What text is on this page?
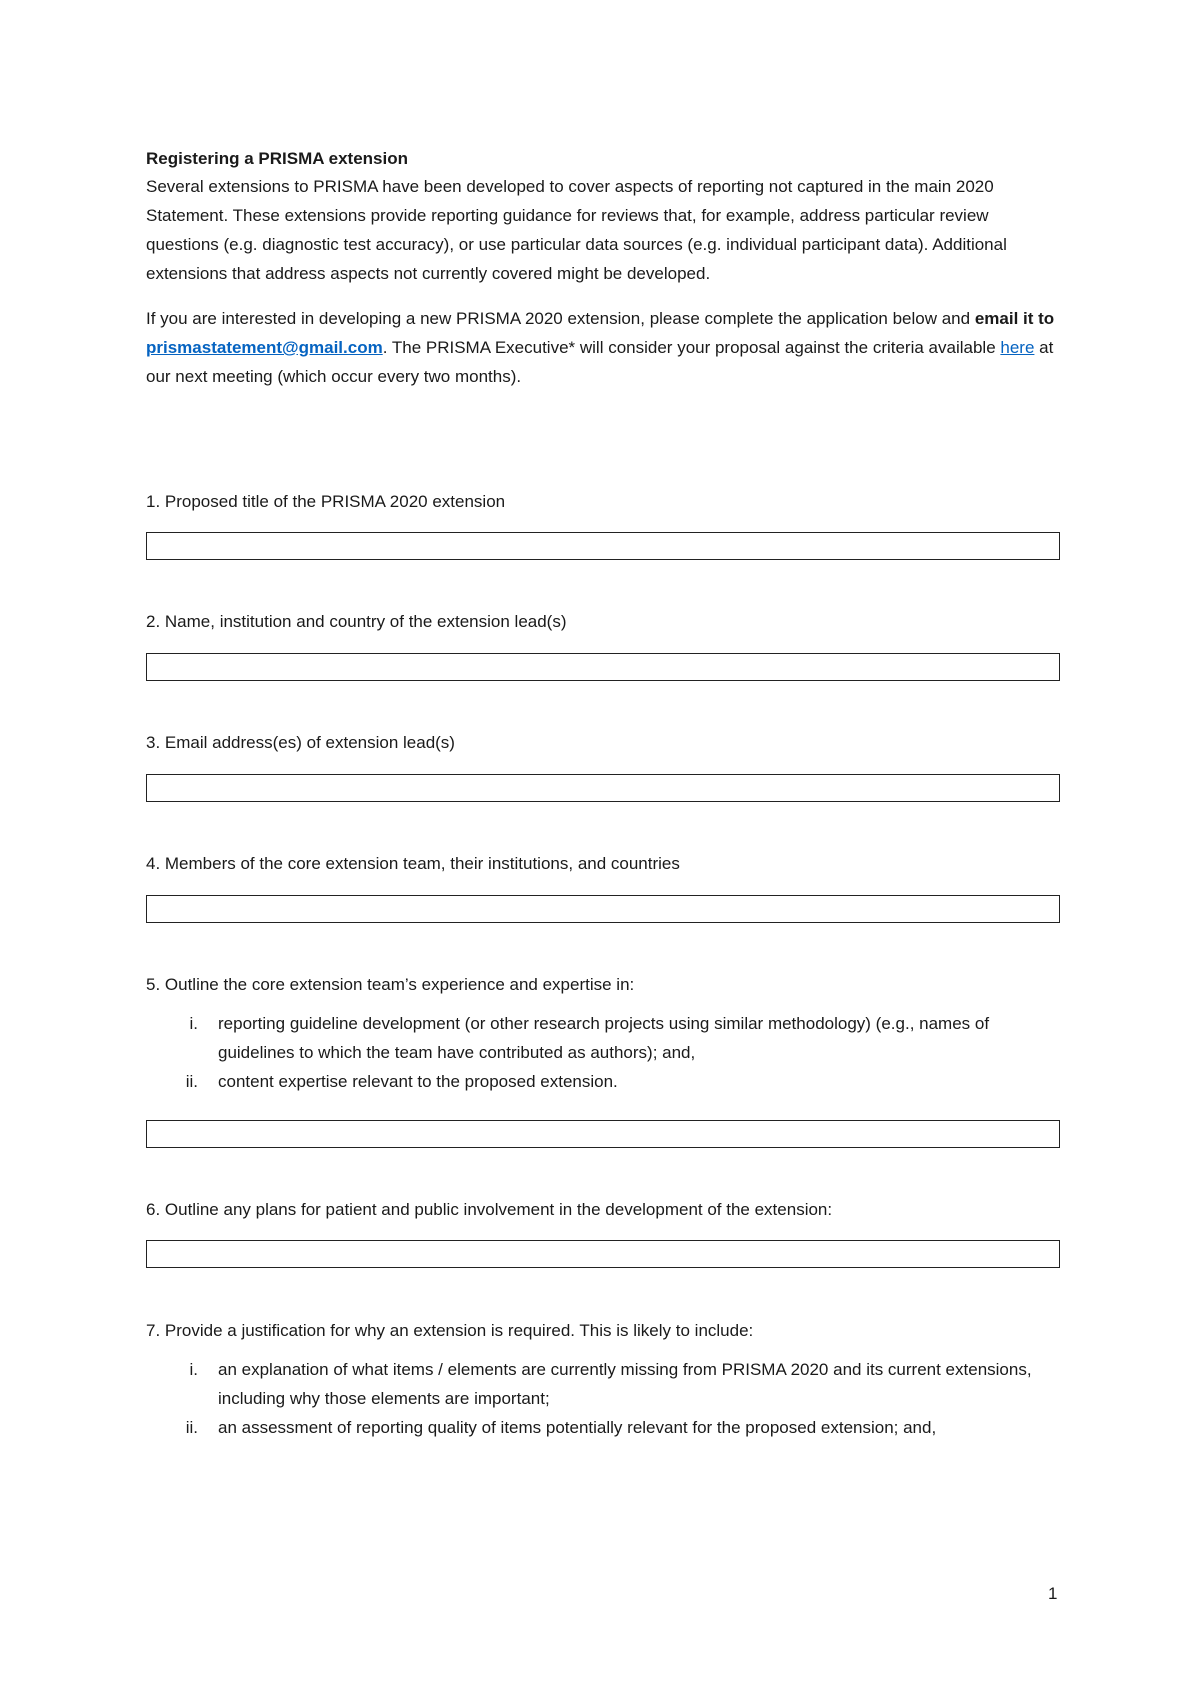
Registering a PRISMA extension

Several extensions to PRISMA have been developed to cover aspects of reporting not captured in the main 2020 Statement. These extensions provide reporting guidance for reviews that, for example, address particular review questions (e.g. diagnostic test accuracy), or use particular data sources (e.g. individual participant data). Additional extensions that address aspects not currently covered might be developed.

If you are interested in developing a new PRISMA 2020 extension, please complete the application below and email it to prismastatement@gmail.com. The PRISMA Executive* will consider your proposal against the criteria available here at our next meeting (which occur every two months).

1. Proposed title of the PRISMA 2020 extension

2. Name, institution and country of the extension lead(s)

3. Email address(es) of extension lead(s)

4. Members of the core extension team, their institutions, and countries

5. Outline the core extension team’s experience and expertise in:

i. reporting guideline development (or other research projects using similar methodology) (e.g., names of guidelines to which the team have contributed as authors); and,
ii. content expertise relevant to the proposed extension.

6. Outline any plans for patient and public involvement in the development of the extension:

7. Provide a justification for why an extension is required. This is likely to include:

i. an explanation of what items / elements are currently missing from PRISMA 2020 and its current extensions, including why those elements are important;
ii. an assessment of reporting quality of items potentially relevant for the proposed extension; and,
1
